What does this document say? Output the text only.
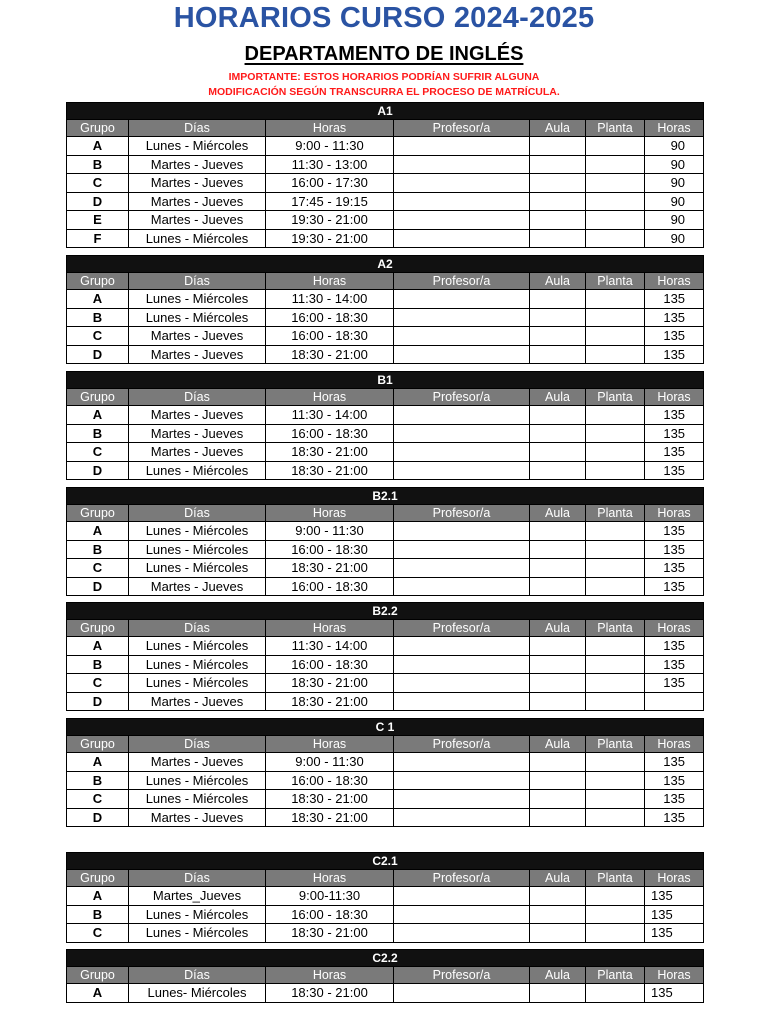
HORARIOS CURSO 2024-2025
DEPARTAMENTO DE INGLÉS
IMPORTANTE: ESTOS HORARIOS PODRÍAN SUFRIR ALGUNA
MODIFICACIÓN SEGÚN TRANSCURRA EL PROCESO DE MATRÍCULA.
A1						
Grupo	Días	Horas	Profesor/a	Aula	Planta	Horas
A	Lunes - Miércoles	9:00 - 11:30				90
B	Martes - Jueves	11:30 - 13:00				90
C	Martes - Jueves	16:00 - 17:30				90
D	Martes - Jueves	17:45 - 19:15				90
E	Martes - Jueves	19:30 - 21:00				90
F	Lunes - Miércoles	19:30 - 21:00				90
A2						
Grupo	Días	Horas	Profesor/a	Aula	Planta	Horas
A	Lunes - Miércoles	11:30 - 14:00				135
B	Lunes - Miércoles	16:00 - 18:30				135
C	Martes - Jueves	16:00 - 18:30				135
D	Martes - Jueves	18:30 - 21:00				135
B1						
Grupo	Días	Horas	Profesor/a	Aula	Planta	Horas
A	Martes - Jueves	11:30 - 14:00				135
B	Martes - Jueves	16:00 - 18:30				135
C	Martes - Jueves	18:30 - 21:00				135
D	Lunes - Miércoles	18:30 - 21:00				135
B2.1						
Grupo	Días	Horas	Profesor/a	Aula	Planta	Horas
A	Lunes - Miércoles	9:00 - 11:30				135
B	Lunes - Miércoles	16:00 - 18:30				135
C	Lunes - Miércoles	18:30 - 21:00				135
D	Martes - Jueves	16:00 - 18:30				135
B2.2						
Grupo	Días	Horas	Profesor/a	Aula	Planta	Horas
A	Lunes - Miércoles	11:30 - 14:00				135
B	Lunes - Miércoles	16:00 - 18:30				135
C	Lunes - Miércoles	18:30 - 21:00				135
D	Martes - Jueves	18:30 - 21:00				
C 1						
Grupo	Días	Horas	Profesor/a	Aula	Planta	Horas
A	Martes - Jueves	9:00 - 11:30				135
B	Lunes - Miércoles	16:00 - 18:30				135
C	Lunes - Miércoles	18:30 - 21:00				135
D	Martes - Jueves	18:30 - 21:00				135
C2.1						
Grupo	Días	Horas	Profesor/a	Aula	Planta	Horas
A	Martes_Jueves	9:00-11:30				135
B	Lunes - Miércoles	16:00 - 18:30				135
C	Lunes - Miércoles	18:30 - 21:00				135
C2.2						
Grupo	Días	Horas	Profesor/a	Aula	Planta	Horas
A	Lunes- Miércoles	18:30 - 21:00				135
